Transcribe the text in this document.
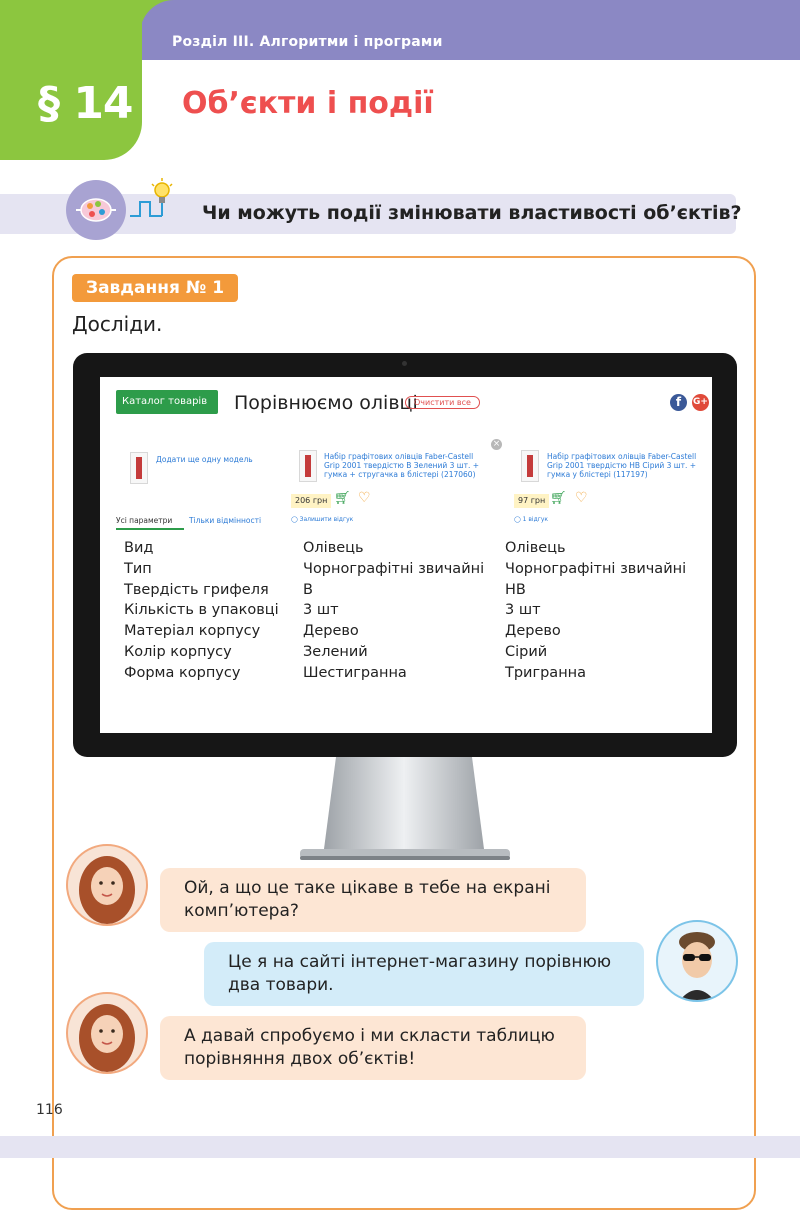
Розділ III. Алгоритми і програми
§ 14 Об’єкти і події
Чи можуть події змінювати властивості об’єктів?
Завдання № 1
Досліди.
Каталог товарів ⌄
Порівнюємо олівці
Очистити все	f	G+
Додати ще одну модель
Усі параметри Тільки відмінності
Набір графітових олівців Faber-Castell Grip 2001 твердістю B Зелений 3 шт. + гумка + стругачка в блістері (217060)
206 грн 🛒︎ ♡
◯ Залишити відгук
×
Набір графітових олівців Faber-Castell Grip 2001 твердістю HB Сірий 3 шт. + гумка у блістері (117197)
97 грн 🛒︎ ♡
◯ 1 відгук
Вид
Тип
Твердість грифеля
Кількість в упаковці
Матеріал корпусу
Колір корпусу
Форма корпусу
Олівець
Чорнографітні звичайні
В
3 шт
Дерево
Зелений
Шестигранна
Олівець
Чорнографітні звичайні
НВ
3 шт
Дерево
Сірий
Тригранна
Ой, а що це таке цікаве в тебе на екрані комп’ютера?
Це я на сайті інтернет-магазину порівнюю два товари.
А давай спробуємо і ми скласти таблицю порівняння двох об’єктів!
116
